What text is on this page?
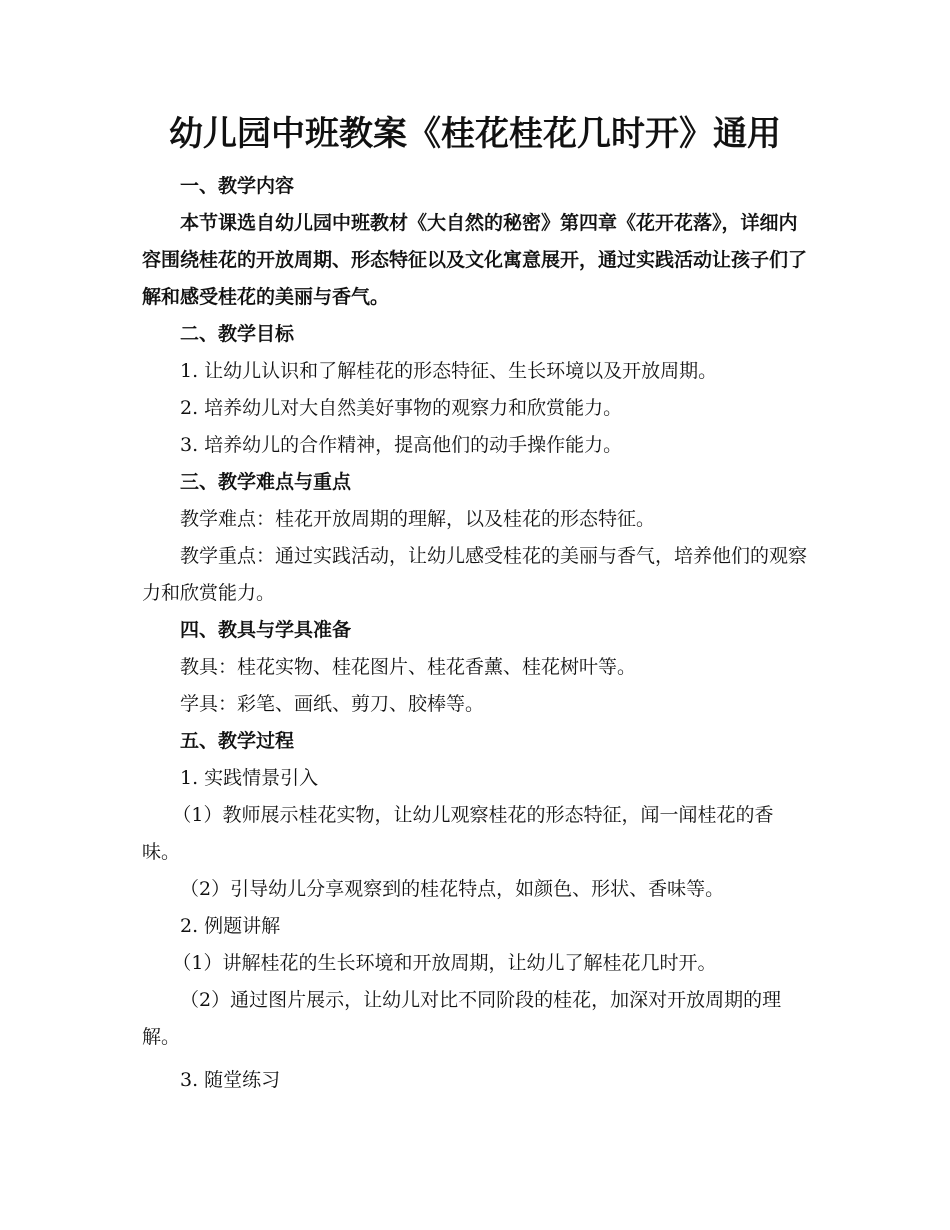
幼儿园中班教案《桂花桂花几时开》通用

一、教学内容

本节课选自幼儿园中班教材《大自然的秘密》第四章《花开花落》，详细内容围绕桂花的开放周期、形态特征以及文化寓意展开，通过实践活动让孩子们了解和感受桂花的美丽与香气。

二、教学目标

1. 让幼儿认识和了解桂花的形态特征、生长环境以及开放周期。

2. 培养幼儿对大自然美好事物的观察力和欣赏能力。

3. 培养幼儿的合作精神，提高他们的动手操作能力。

三、教学难点与重点

教学难点：桂花开放周期的理解，以及桂花的形态特征。

教学重点：通过实践活动，让幼儿感受桂花的美丽与香气，培养他们的观察力和欣赏能力。

四、教具与学具准备

教具：桂花实物、桂花图片、桂花香薰、桂花树叶等。

学具：彩笔、画纸、剪刀、胶棒等。

五、教学过程

1. 实践情景引入

（1）教师展示桂花实物，让幼儿观察桂花的形态特征，闻一闻桂花的香味。

（2）引导幼儿分享观察到的桂花特点，如颜色、形状、香味等。

2. 例题讲解

（1）讲解桂花的生长环境和开放周期，让幼儿了解桂花几时开。

（2）通过图片展示，让幼儿对比不同阶段的桂花，加深对开放周期的理解。

3. 随堂练习
